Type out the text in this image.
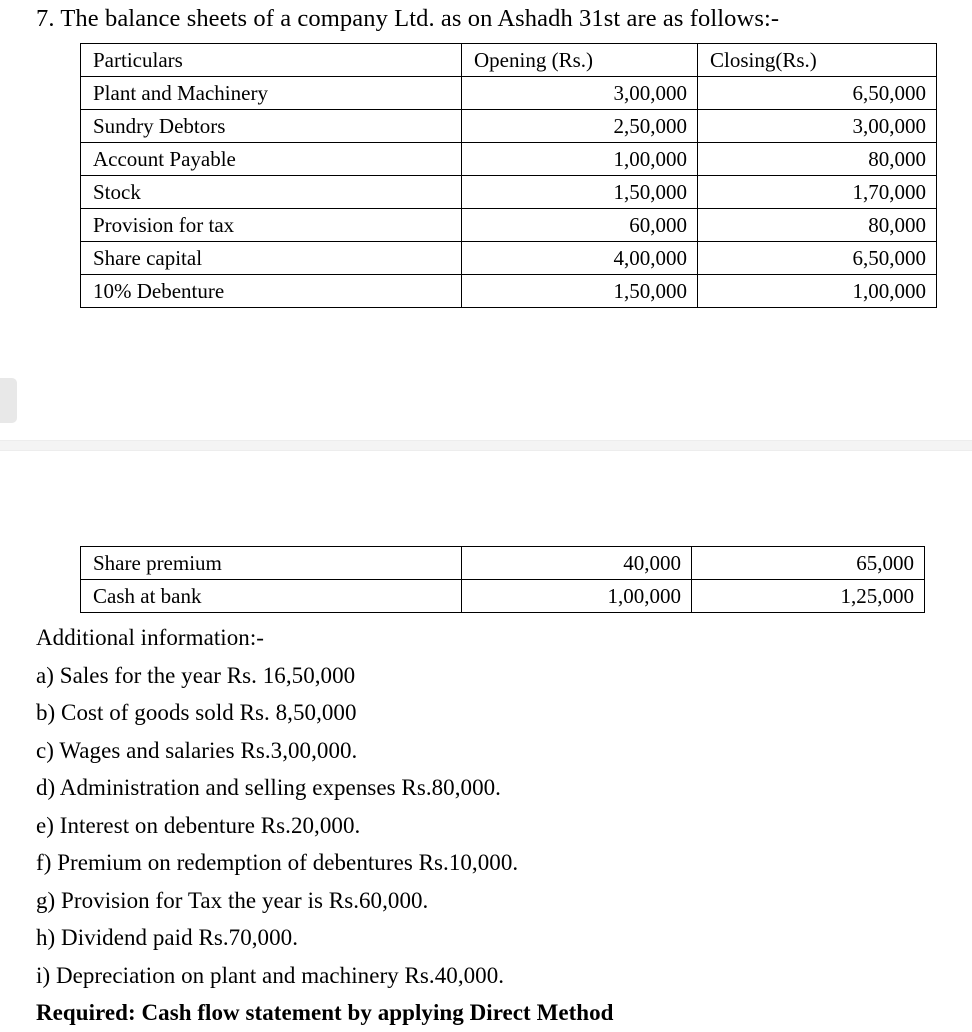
7. The balance sheets of a company Ltd. as on Ashadh 31st are as follows:-
Particulars	Opening (Rs.)	Closing(Rs.)
Plant and Machinery	3,00,000	6,50,000
Sundry Debtors	2,50,000	3,00,000
Account Payable	1,00,000	80,000
Stock	1,50,000	1,70,000
Provision for tax	60,000	80,000
Share capital	4,00,000	6,50,000
10% Debenture	1,50,000	1,00,000
Share premium	40,000	65,000
Cash at bank	1,00,000	1,25,000
Additional information:-
a) Sales for the year Rs. 16,50,000
b) Cost of goods sold Rs. 8,50,000
c) Wages and salaries Rs.3,00,000.
d) Administration and selling expenses Rs.80,000.
e) Interest on debenture Rs.20,000.
f) Premium on redemption of debentures Rs.10,000.
g) Provision for Tax the year is Rs.60,000.
h) Dividend paid Rs.70,000.
i) Depreciation on plant and machinery Rs.40,000.
Required: Cash flow statement by applying Direct Method
